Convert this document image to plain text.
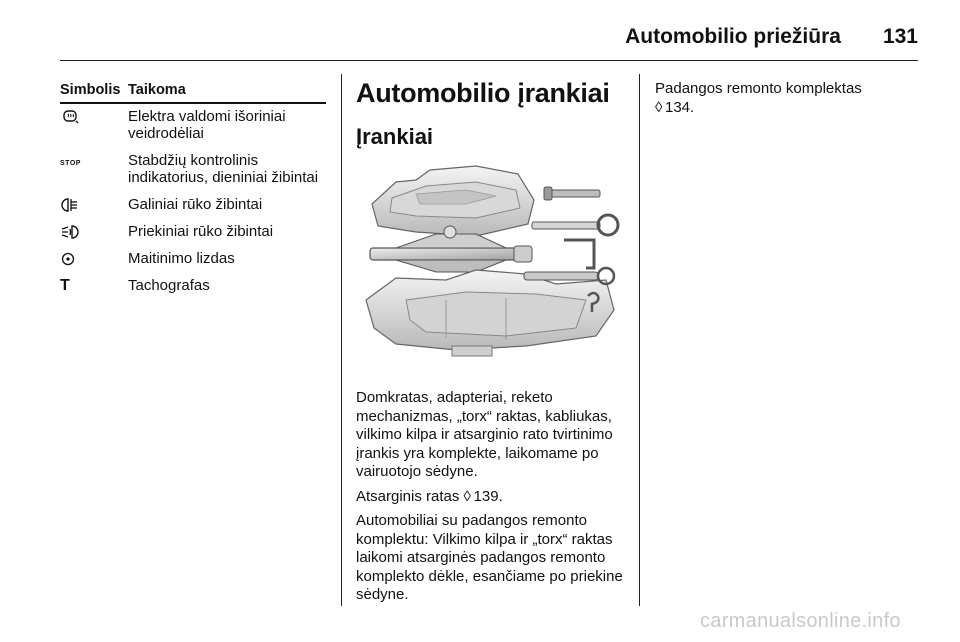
Automobilio priežiūra 131
Simbolis	Taikoma
	Elektra valdomi išoriniai veidrodėliai
STOP	Stabdžių kontrolinis indikatorius, dieniniai žibintai
	Galiniai rūko žibintai
	Priekiniai rūko žibintai
	Maitinimo lizdas
T	Tachografas
Automobilio įrankiai
Įrankiai

Domkratas, adapteriai, reketo mechanizmas, „torx“ raktas, kabliukas, vilkimo kilpa ir atsarginio rato tvirtinimo įrankis yra komplekte, laikomame po vairuotojo sėdyne.

Atsarginis ratas ◊ 139.

Automobiliai su padangos remonto komplektu: Vilkimo kilpa ir „torx“ raktas laikomi atsarginės padangos remonto komplekto dėkle, esančiame po priekine sėdyne.

Padangos remonto komplektas
◊ 134.

carmanualsonline.info
